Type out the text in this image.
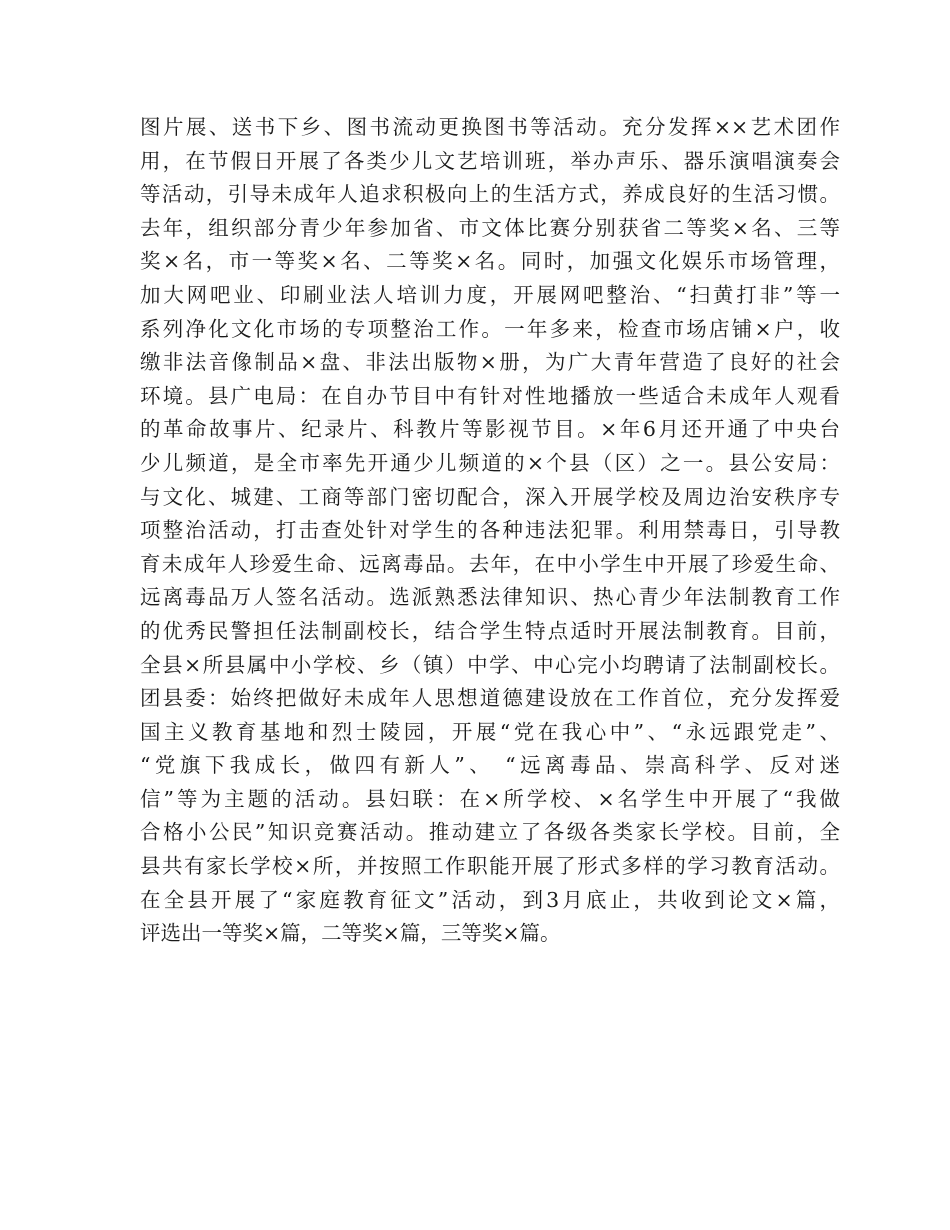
图片展、送书下乡、图书流动更换图书等活动。充分发挥××艺术团作
用，在节假日开展了各类少儿文艺培训班，举办声乐、器乐演唱演奏会
等活动，引导未成年人追求积极向上的生活方式，养成良好的生活习惯。
去年，组织部分青少年参加省、市文体比赛分别获省二等奖×名、三等
奖×名，市一等奖×名、二等奖×名。同时，加强文化娱乐市场管理，
加大网吧业、印刷业法人培训力度，开展网吧整治、“扫黄打非”等一
系列净化文化市场的专项整治工作。一年多来，检查市场店铺×户，收
缴非法音像制品×盘、非法出版物×册，为广大青年营造了良好的社会
环境。县广电局：在自办节目中有针对性地播放一些适合未成年人观看
的革命故事片、纪录片、科教片等影视节目。×年6月还开通了中央台
少儿频道，是全市率先开通少儿频道的×个县（区）之一。县公安局：
与文化、城建、工商等部门密切配合，深入开展学校及周边治安秩序专
项整治活动，打击查处针对学生的各种违法犯罪。利用禁毒日，引导教
育未成年人珍爱生命、远离毒品。去年，在中小学生中开展了珍爱生命、
远离毒品万人签名活动。选派熟悉法律知识、热心青少年法制教育工作
的优秀民警担任法制副校长，结合学生特点适时开展法制教育。目前，
全县×所县属中小学校、乡（镇）中学、中心完小均聘请了法制副校长。
团县委：始终把做好未成年人思想道德建设放在工作首位，充分发挥爱
国主义教育基地和烈士陵园，开展“党在我心中”、“永远跟党走”、
“党旗下我成长，做四有新人”、 “远离毒品、崇高科学、反对迷
信”等为主题的活动。县妇联：在×所学校、×名学生中开展了“我做
合格小公民”知识竞赛活动。推动建立了各级各类家长学校。目前，全
县共有家长学校×所，并按照工作职能开展了形式多样的学习教育活动。
在全县开展了“家庭教育征文”活动，到3月底止，共收到论文×篇，
评选出一等奖×篇，二等奖×篇，三等奖×篇。
